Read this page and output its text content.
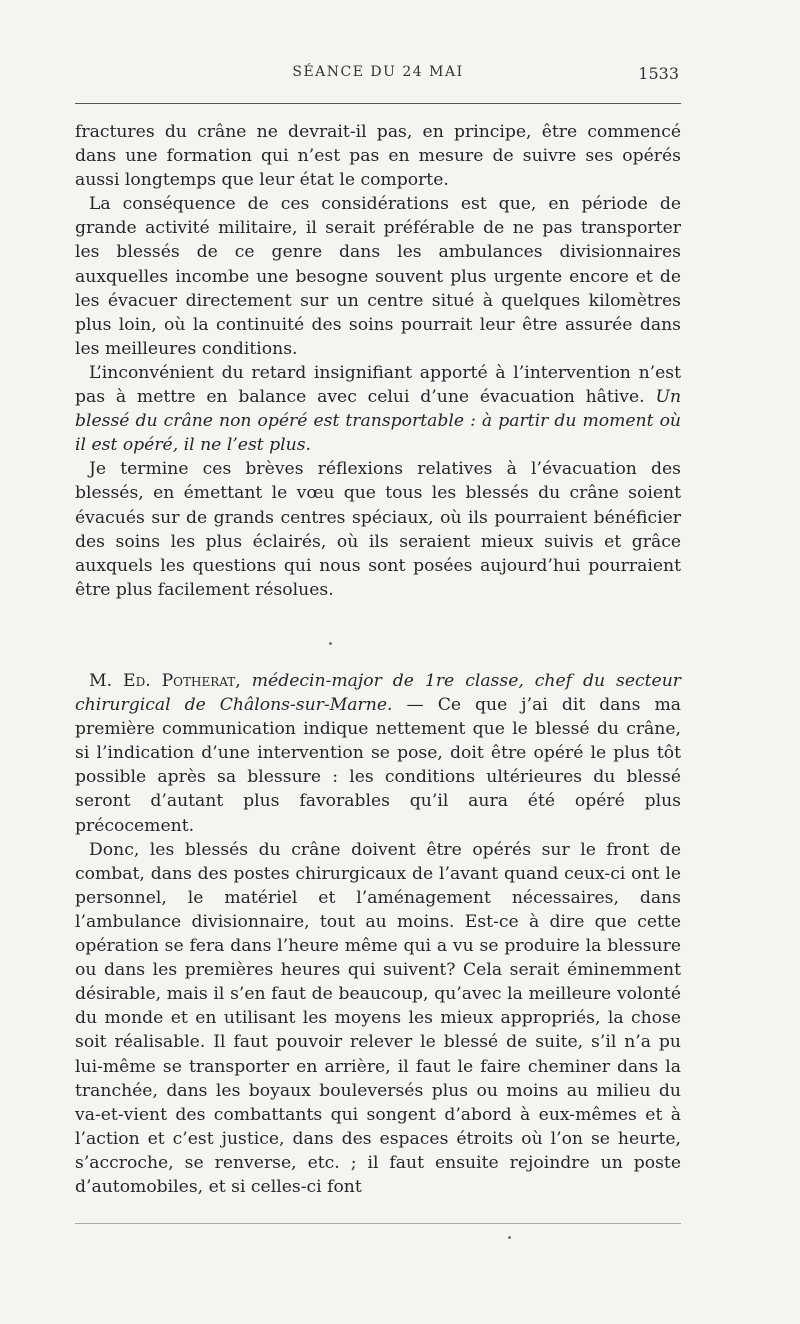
SÉANCE DU 24 MAI	1533

fractures du crâne ne devrait-il pas, en principe, être commencé dans une formation qui n’est pas en mesure de suivre ses opérés aussi longtemps que leur état le comporte.

La conséquence de ces considérations est que, en période de grande activité militaire, il serait préférable de ne pas transporter les blessés de ce genre dans les ambulances divisionnaires auxquelles incombe une besogne souvent plus urgente encore et de les évacuer directement sur un centre situé à quelques kilomètres plus loin, où la continuité des soins pourrait leur être assurée dans les meilleures conditions.

L’inconvénient du retard insignifiant apporté à l’intervention n’est pas à mettre en balance avec celui d’une évacuation hâtive. Un blessé du crâne non opéré est transportable : à partir du moment où il est opéré, il ne l’est plus.

Je termine ces brèves réflexions relatives à l’évacuation des blessés, en émettant le vœu que tous les blessés du crâne soient évacués sur de grands centres spéciaux, où ils pourraient bénéficier des soins les plus éclairés, où ils seraient mieux suivis et grâce auxquels les questions qui nous sont posées aujourd’hui pourraient être plus facilement résolues.

M. Ed. Potherat, médecin-major de 1re classe, chef du secteur chirurgical de Châlons-sur-Marne. — Ce que j’ai dit dans ma première communication indique nettement que le blessé du crâne, si l’indication d’une intervention se pose, doit être opéré le plus tôt possible après sa blessure : les conditions ultérieures du blessé seront d’autant plus favorables qu’il aura été opéré plus précocement.

Donc, les blessés du crâne doivent être opérés sur le front de combat, dans des postes chirurgicaux de l’avant quand ceux-ci ont le personnel, le matériel et l’aménagement nécessaires, dans l’ambulance divisionnaire, tout au moins. Est-ce à dire que cette opération se fera dans l’heure même qui a vu se produire la blessure ou dans les premières heures qui suivent? Cela serait éminemment désirable, mais il s’en faut de beaucoup, qu’avec la meilleure volonté du monde et en utilisant les moyens les mieux appropriés, la chose soit réalisable. Il faut pouvoir relever le blessé de suite, s’il n’a pu lui-même se transporter en arrière, il faut le faire cheminer dans la tranchée, dans les boyaux bouleversés plus ou moins au milieu du va-et-vient des combattants qui songent d’abord à eux-mêmes et à l’action et c’est justice, dans des espaces étroits où l’on se heurte, s’accroche, se renverse, etc. ; il faut ensuite rejoindre un poste d’automobiles, et si celles-ci font
